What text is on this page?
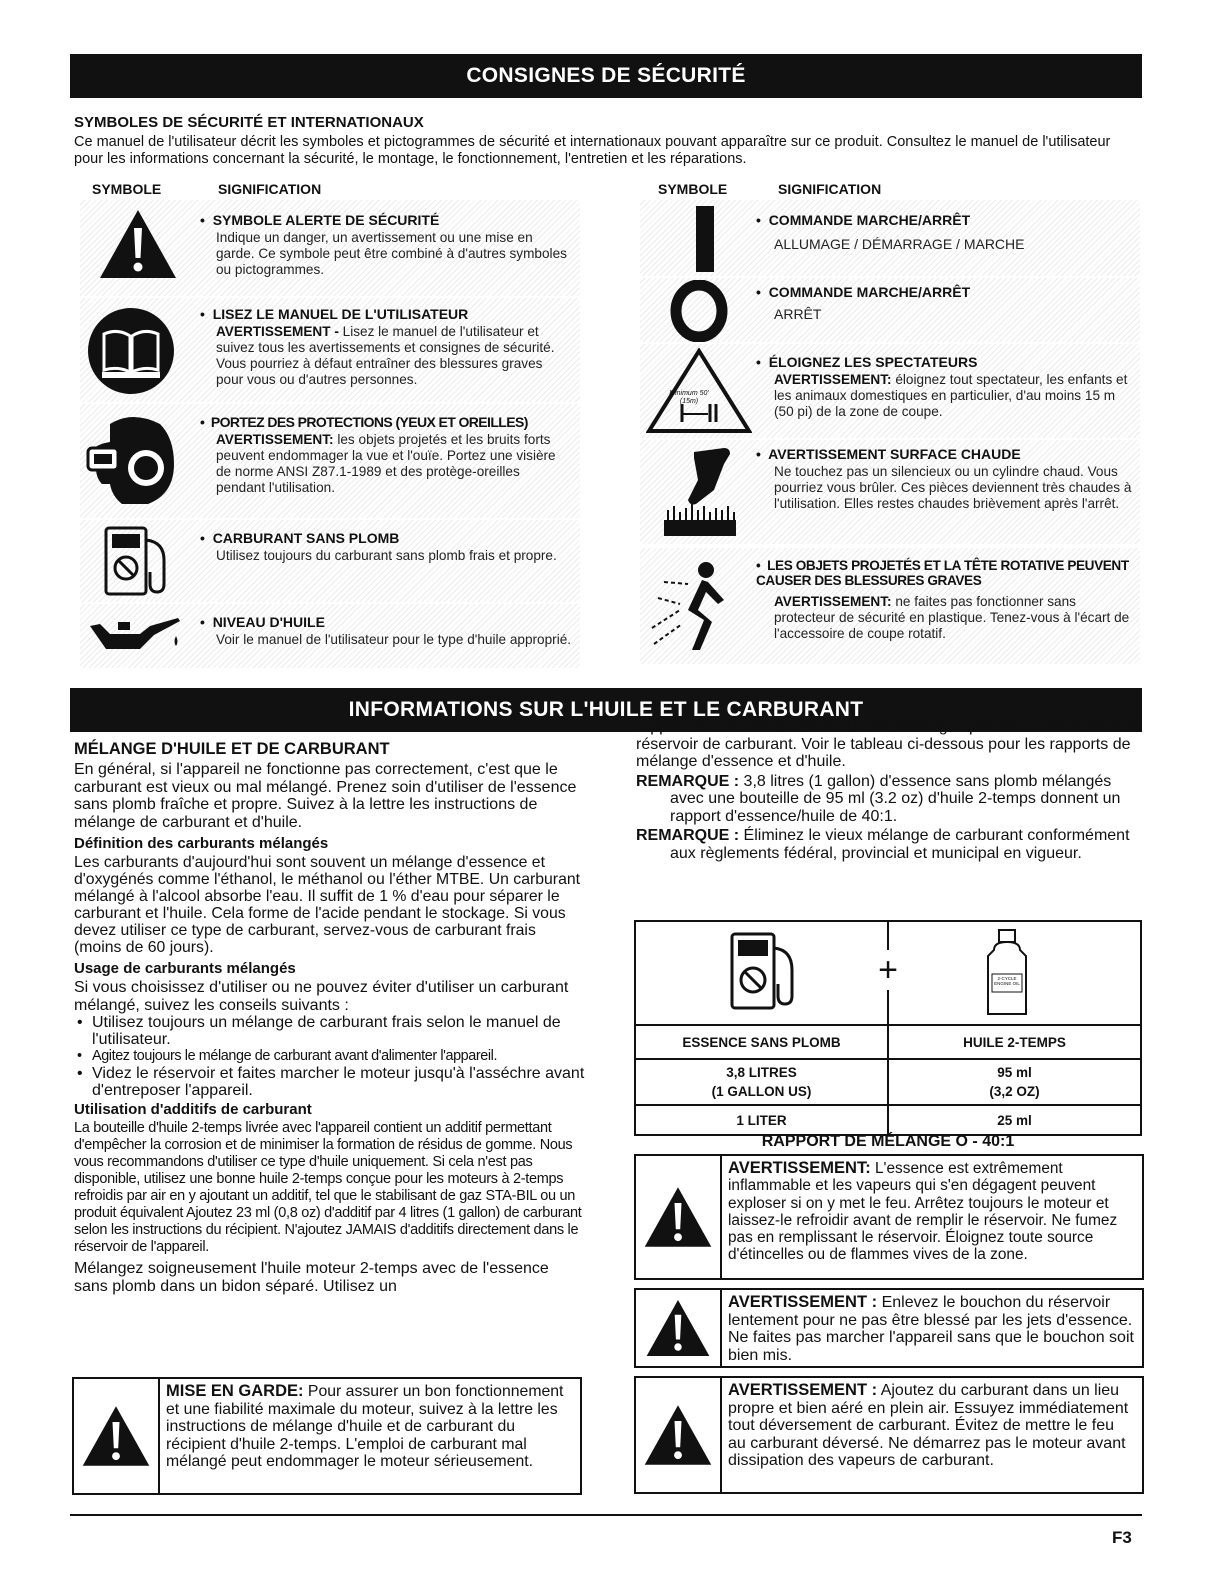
CONSIGNES DE SÉCURITÉ
SYMBOLES DE SÉCURITÉ ET INTERNATIONAUX
Ce manuel de l'utilisateur décrit les symboles et pictogrammes de sécurité et internationaux pouvant apparaître sur ce produit. Consultez le manuel de l'utilisateur pour les informations concernant la sécurité, le montage, le fonctionnement, l'entretien et les réparations.
SYMBOLE	SIGNIFICATION	SYMBOLE	SIGNIFICATION
•  SYMBOLE ALERTE DE SÉCURITÉ
Indique un danger, un avertissement ou une mise en garde. Ce symbole peut être combiné à d'autres symboles ou pictogrammes.
•  LISEZ LE MANUEL DE L'UTILISATEUR
AVERTISSEMENT - Lisez le manuel de l'utilisateur et suivez tous les avertissements et consignes de sécurité. Vous pourriez à défaut entraîner des blessures graves pour vous ou d'autres personnes.
•  PORTEZ DES PROTECTIONS (YEUX ET OREILLES)
AVERTISSEMENT: les objets projetés et les bruits forts peuvent endommager la vue et l'ouïe. Portez une visière de norme ANSI Z87.1-1989 et des protège-oreilles pendant l'utilisation.
•  CARBURANT SANS PLOMB
Utilisez toujours du carburant sans plomb frais et propre.
•  NIVEAU D'HUILE
Voir le manuel de l'utilisateur pour le type d'huile approprié.
•  COMMANDE MARCHE/ARRÊT
ALLUMAGE / DÉMARRAGE / MARCHE
•  COMMANDE MARCHE/ARRÊT
ARRÊT
Minimum 50' (15m)
•  ÉLOIGNEZ LES SPECTATEURS
AVERTISSEMENT: éloignez tout spectateur, les enfants et les animaux domestiques en particulier, d'au moins 15 m (50 pi) de la zone de coupe.
•  AVERTISSEMENT SURFACE CHAUDE
Ne touchez pas un silencieux ou un cylindre chaud. Vous pourriez vous brûler. Ces pièces deviennent très chaudes à l'utilisation. Elles restes chaudes brièvement après l'arrêt.
•  LES OBJETS PROJETÉS ET LA TÊTE ROTATIVE PEUVENT CAUSER DES BLESSURES GRAVES
AVERTISSEMENT: ne faites pas fonctionner sans protecteur de sécurité en plastique. Tenez-vous à l'écart de l'accessoire de coupe rotatif.
INFORMATIONS SUR L'HUILE ET LE CARBURANT
MÉLANGE D'HUILE ET DE CARBURANT
En général, si l'appareil ne fonctionne pas correctement, c'est que le carburant est vieux ou mal mélangé. Prenez soin d'utiliser de l'essence sans plomb fraîche et propre. Suivez à la lettre les instructions de mélange de carburant et d'huile.
Définition des carburants mélangés
Les carburants d'aujourd'hui sont souvent un mélange d'essence et d'oxygénés comme l'éthanol, le méthanol ou l'éther MTBE. Un carburant mélangé à l'alcool absorbe l'eau. Il suffit de 1 % d'eau pour séparer le carburant et l'huile. Cela forme de l'acide pendant le stockage. Si vous devez utiliser ce type de carburant, servez-vous de carburant frais (moins de 60 jours).
Usage de carburants mélangés
Si vous choisissez d'utiliser ou ne pouvez éviter d'utiliser un carburant mélangé, suivez les conseils suivants :
• Utilisez toujours un mélange de carburant frais selon le manuel de l'utilisateur.
• Agitez toujours le mélange de carburant avant d'alimenter l'appareil.
• Videz le réservoir et faites marcher le moteur jusqu'à l'asséchre avant d'entreposer l'appareil.
Utilisation d'additifs de carburant
La bouteille d'huile 2-temps livrée avec l'appareil contient un additif permettant d'empêcher la corrosion et de minimiser la formation de résidus de gomme. Nous vous recommandons d'utiliser ce type d'huile uniquement. Si cela n'est pas disponible, utilisez une bonne huile 2-temps conçue pour les moteurs à 2-temps refroidis par air en y ajoutant un additif, tel que le stabilisant de gaz STA-BIL ou un produit équivalent Ajoutez 23 ml (0,8 oz) d'additif par 4 litres (1 gallon) de carburant selon les instructions du récipient. N'ajoutez JAMAIS d'additifs directement dans le réservoir de l'appareil.
Mélangez soigneusement l'huile moteur 2-temps avec de l'essence sans plomb dans un bidon séparé. Utilisez un
MISE EN GARDE: Pour assurer un bon fonctionnement et une fiabilité maximale du moteur, suivez à la lettre les instructions de mélange d'huile et de carburant du récipient d'huile 2-temps. L'emploi de carburant mal mélangé peut endommager le moteur sérieusement.
rapport 40:1 d'essence/huile. Ne les mélangez pas directement dans le réservoir de carburant. Voir le tableau ci-dessous pour les rapports de mélange d'essence et d'huile.
REMARQUE : 3,8 litres (1 gallon) d'essence sans plomb mélangés avec une bouteille de 95 ml (3.2 oz) d'huile 2-temps donnent un rapport d'essence/huile de 40:1.
REMARQUE : Éliminez le vieux mélange de carburant conformément aux règlements fédéral, provincial et municipal en vigueur.
+	2-CYCLE ENGINE OIL
ESSENCE SANS PLOMB	HUILE 2-TEMPS
3,8 LITRES	95 ml
(1 GALLON US)	(3,2 OZ)
1 LITER	25 ml
RAPPORT DE MÉLANGE O - 40:1
AVERTISSEMENT: L'essence est extrêmement inflammable et les vapeurs qui s'en dégagent peuvent exploser si on y met le feu. Arrêtez toujours le moteur et laissez-le refroidir avant de remplir le réservoir. Ne fumez pas en remplissant le réservoir. Éloignez toute source d'étincelles ou de flammes vives de la zone.
AVERTISSEMENT : Enlevez le bouchon du réservoir lentement pour ne pas être blessé par les jets d'essence. Ne faites pas marcher l'appareil sans que le bouchon soit bien mis.
AVERTISSEMENT : Ajoutez du carburant dans un lieu propre et bien aéré en plein air. Essuyez immédiatement tout déversement de carburant. Évitez de mettre le feu au carburant déversé. Ne démarrez pas le moteur avant dissipation des vapeurs de carburant.
F3
